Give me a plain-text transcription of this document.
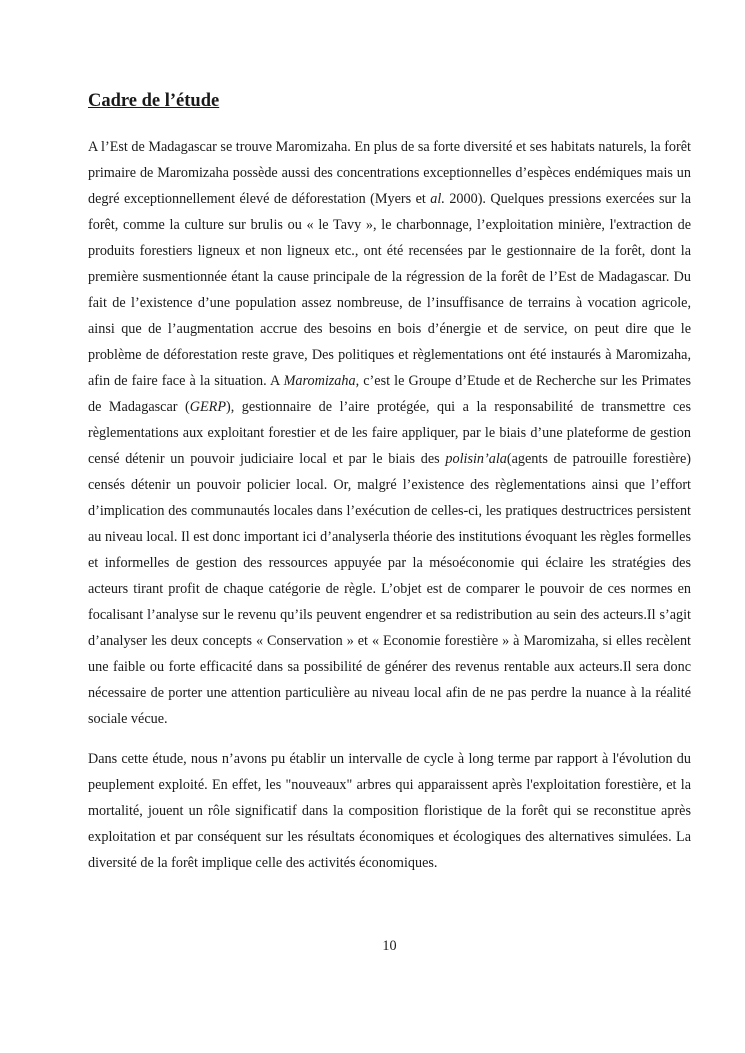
Cadre de l’étude

A l’Est de Madagascar se trouve Maromizaha. En plus de sa forte diversité et ses habitats naturels, la forêt primaire de Maromizaha possède aussi des concentrations exceptionnelles d’espèces endémiques mais un degré exceptionnellement élevé de déforestation (Myers et al. 2000). Quelques pressions exercées sur la forêt, comme la culture sur brulis ou « le Tavy », le charbonnage, l’exploitation minière, l'extraction de produits forestiers ligneux et non ligneux etc., ont été recensées par le gestionnaire de la forêt, dont la première susmentionnée étant la cause principale de la régression de la forêt de l’Est de Madagascar. Du fait de l’existence d’une population assez nombreuse, de l’insuffisance de terrains à vocation agricole, ainsi que de l’augmentation accrue des besoins en bois d’énergie et de service, on peut dire que le problème de déforestation reste grave, Des politiques et règlementations ont été instaurés à Maromizaha, afin de faire face à la situation. A Maromizaha, c’est le Groupe d’Etude et de Recherche sur les Primates de Madagascar (GERP), gestionnaire de l’aire protégée, qui a la responsabilité de transmettre ces règlementations aux exploitant forestier et de les faire appliquer, par le biais d’une plateforme de gestion censé détenir un pouvoir judiciaire local et par le biais des polisin’ala(agents de patrouille forestière) censés détenir un pouvoir policier local. Or, malgré l’existence des règlementations ainsi que l’effort d’implication des communautés locales dans l’exécution de celles-ci, les pratiques destructrices persistent au niveau local. Il est donc important ici d’analyserla théorie des institutions évoquant les règles formelles et informelles de gestion des ressources appuyée par la mésoéconomie qui éclaire les stratégies des acteurs tirant profit de chaque catégorie de règle. L’objet est de comparer le pouvoir de ces normes en focalisant l’analyse sur le revenu qu’ils peuvent engendrer et sa redistribution au sein des acteurs.Il s’agit d’analyser les deux concepts « Conservation » et « Economie forestière » à Maromizaha, si elles recèlent une faible ou forte efficacité dans sa possibilité de générer des revenus rentable aux acteurs.Il sera donc nécessaire de porter une attention particulière au niveau local afin de ne pas perdre la nuance à la réalité sociale vécue.

Dans cette étude, nous n’avons pu établir un intervalle de cycle à long terme par rapport à l'évolution du peuplement exploité. En effet, les "nouveaux" arbres qui apparaissent après l'exploitation forestière, et la mortalité, jouent un rôle significatif dans la composition floristique de la forêt qui se reconstitue après exploitation et par conséquent sur les résultats économiques et écologiques des alternatives simulées. La diversité de la forêt implique celle des activités économiques.

10
